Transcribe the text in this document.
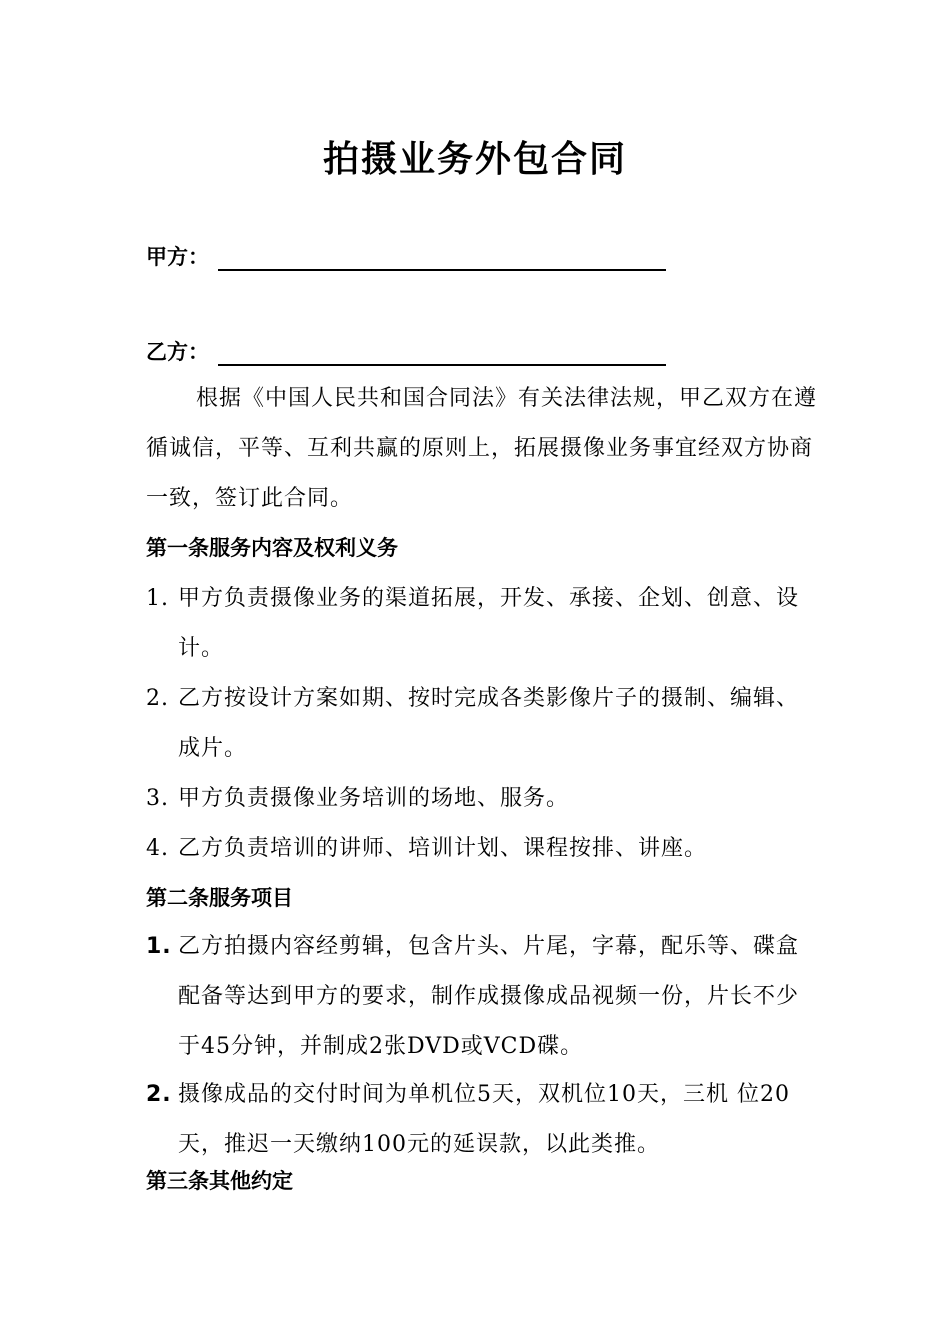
拍摄业务外包合同
甲方：
乙方：
根据《中国人民共和国合同法》有关法律法规，甲乙双方在遵循诚信，平等、互利共赢的原则上，拓展摄像业务事宜经双方协商一致，签订此合同。
第一条服务内容及权利义务
1. 甲方负责摄像业务的渠道拓展，开发、承接、企划、创意、设计。
2. 乙方按设计方案如期、按时完成各类影像片子的摄制、编辑、成片。
3. 甲方负责摄像业务培训的场地、服务。
4. 乙方负责培训的讲师、培训计划、课程按排、讲座。
第二条服务项目
1. 乙方拍摄内容经剪辑，包含片头、片尾，字幕，配乐等、碟盒配备等达到甲方的要求，制作成摄像成品视频一份，片长不少于45分钟，并制成2张DVD或VCD碟。
2. 摄像成品的交付时间为单机位5天，双机位10天，三机 位20天，推迟一天缴纳100元的延误款，以此类推。
第三条其他约定
